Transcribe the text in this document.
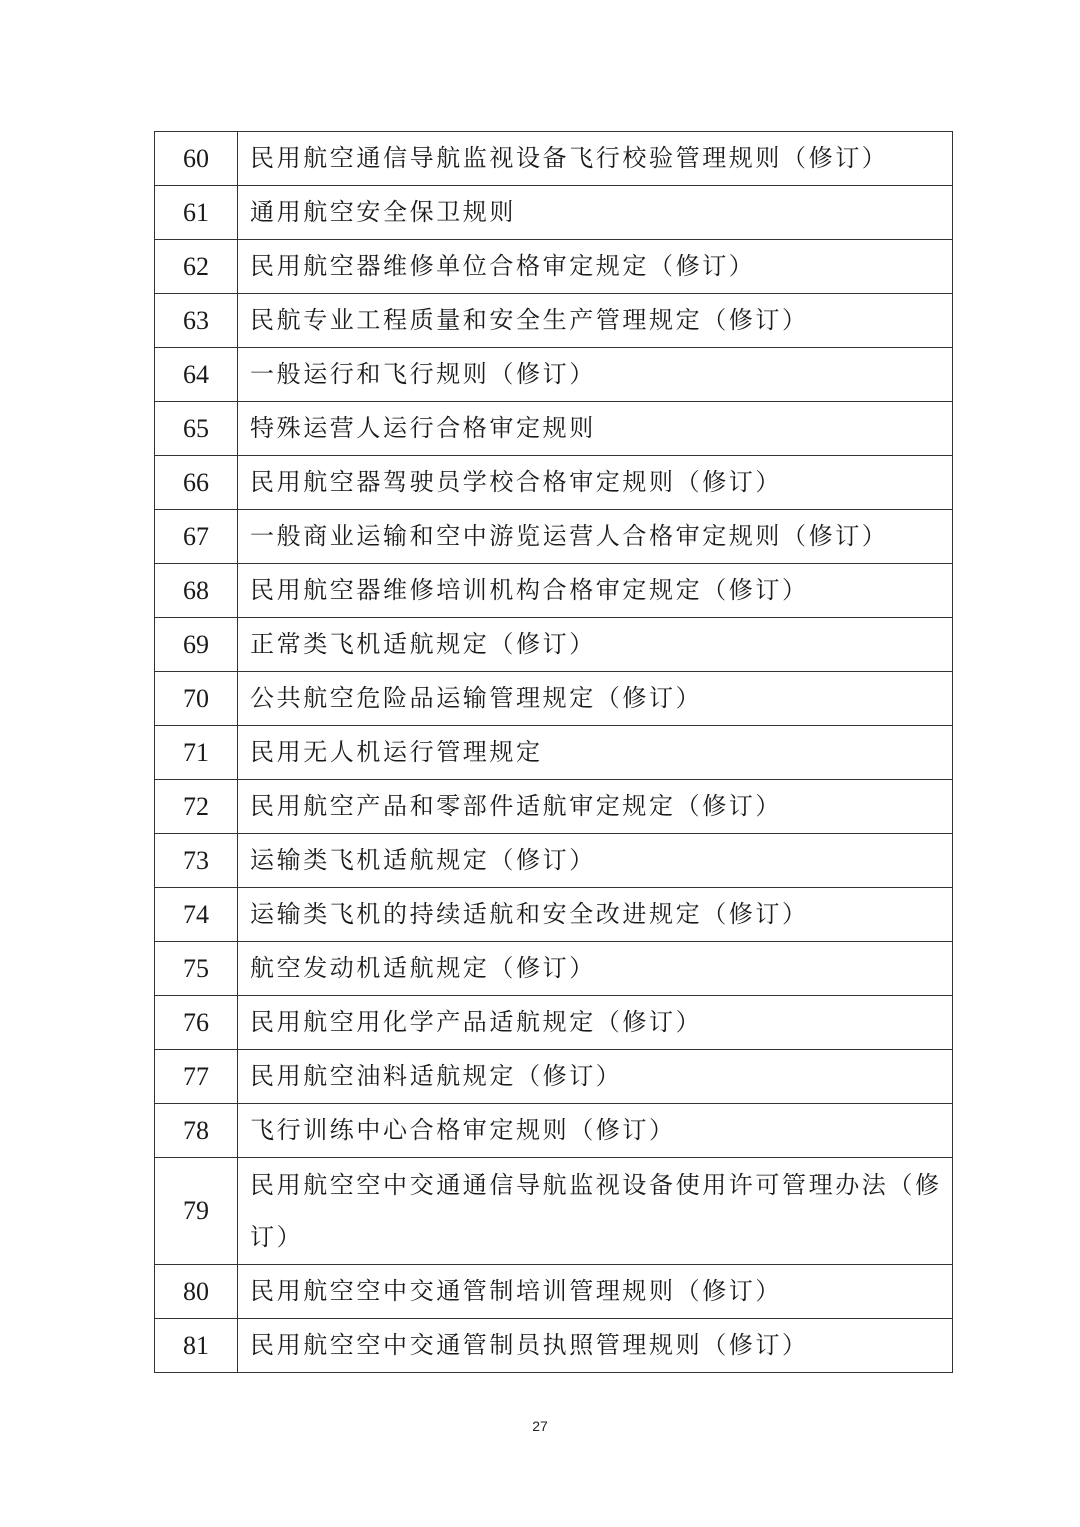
60	民用航空通信导航监视设备飞行校验管理规则（修订）
61	通用航空安全保卫规则
62	民用航空器维修单位合格审定规定（修订）
63	民航专业工程质量和安全生产管理规定（修订）
64	一般运行和飞行规则（修订）
65	特殊运营人运行合格审定规则
66	民用航空器驾驶员学校合格审定规则（修订）
67	一般商业运输和空中游览运营人合格审定规则（修订）
68	民用航空器维修培训机构合格审定规定（修订）
69	正常类飞机适航规定（修订）
70	公共航空危险品运输管理规定（修订）
71	民用无人机运行管理规定
72	民用航空产品和零部件适航审定规定（修订）
73	运输类飞机适航规定（修订）
74	运输类飞机的持续适航和安全改进规定（修订）
75	航空发动机适航规定（修订）
76	民用航空用化学产品适航规定（修订）
77	民用航空油料适航规定（修订）
78	飞行训练中心合格审定规则（修订）
79	民用航空空中交通通信导航监视设备使用许可管理办法（修订）
80	民用航空空中交通管制培训管理规则（修订）
81	民用航空空中交通管制员执照管理规则（修订）
27
